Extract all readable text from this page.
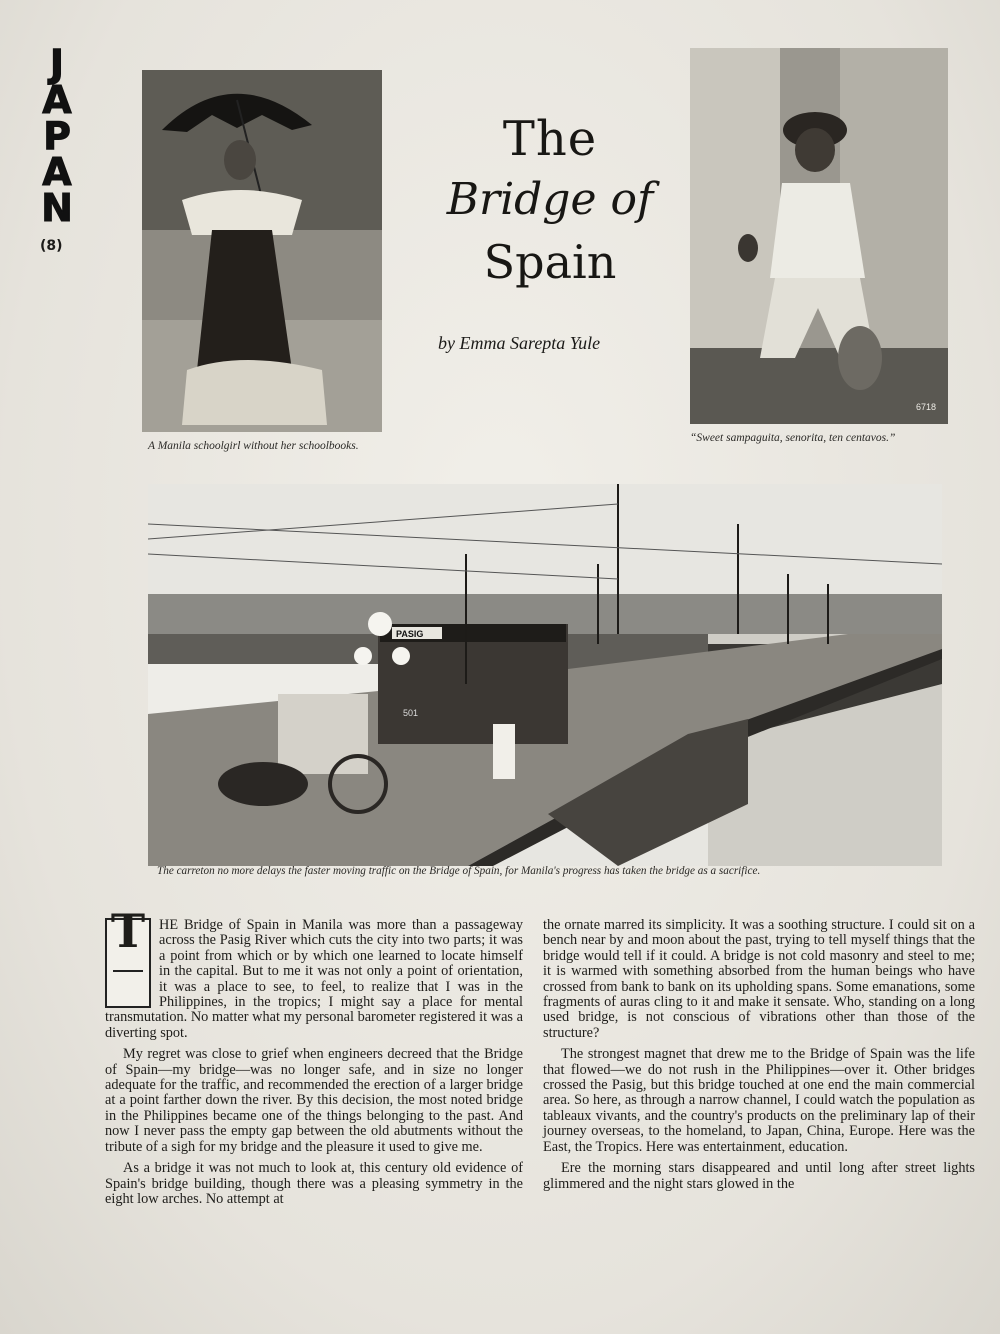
J
A
P
A
N
(8)
A Manila schoolgirl without her schoolbooks.
The
Bridge of
Spain
by Emma Sarepta Yule
6718
“Sweet sampaguita, senorita, ten centavos.”
PASIG
501
The carreton no more delays the faster moving traffic on the Bridge of Spain, for Manila's progress has taken the bridge as a sacrifice.
T HE Bridge of Spain in Manila was more than a passageway across the Pasig River which cuts the city into two parts; it was a point from which or by which one learned to locate himself in the capital. But to me it was not only a point of orientation, it was a place to see, to feel, to realize that I was in the Philippines, in the tropics; I might say a place for mental transmutation. No matter what my personal barometer registered it was a diverting spot.

My regret was close to grief when engineers decreed that the Bridge of Spain—my bridge—was no longer safe, and in size no longer adequate for the traffic, and recommended the erection of a larger bridge at a point farther down the river. By this decision, the most noted bridge in the Philippines became one of the things belonging to the past. And now I never pass the empty gap between the old abutments without the tribute of a sigh for my bridge and the pleasure it used to give me.

As a bridge it was not much to look at, this century old evidence of Spain's bridge building, though there was a pleasing symmetry in the eight low arches. No attempt at

the ornate marred its simplicity. It was a soothing structure. I could sit on a bench near by and moon about the past, trying to tell myself things that the bridge would tell if it could. A bridge is not cold masonry and steel to me; it is warmed with something absorbed from the human beings who have crossed from bank to bank on its upholding spans. Some emanations, some fragments of auras cling to it and make it sensate. Who, standing on a long used bridge, is not conscious of vibrations other than those of the structure?

The strongest magnet that drew me to the Bridge of Spain was the life that flowed—we do not rush in the Philippines—over it. Other bridges crossed the Pasig, but this bridge touched at one end the main commercial area. So here, as through a narrow channel, I could watch the population as tableaux vivants, and the country's products on the preliminary lap of their journey overseas, to the homeland, to Japan, China, Europe. Here was the East, the Tropics. Here was entertainment, education.

Ere the morning stars disappeared and until long after street lights glimmered and the night stars glowed in the
